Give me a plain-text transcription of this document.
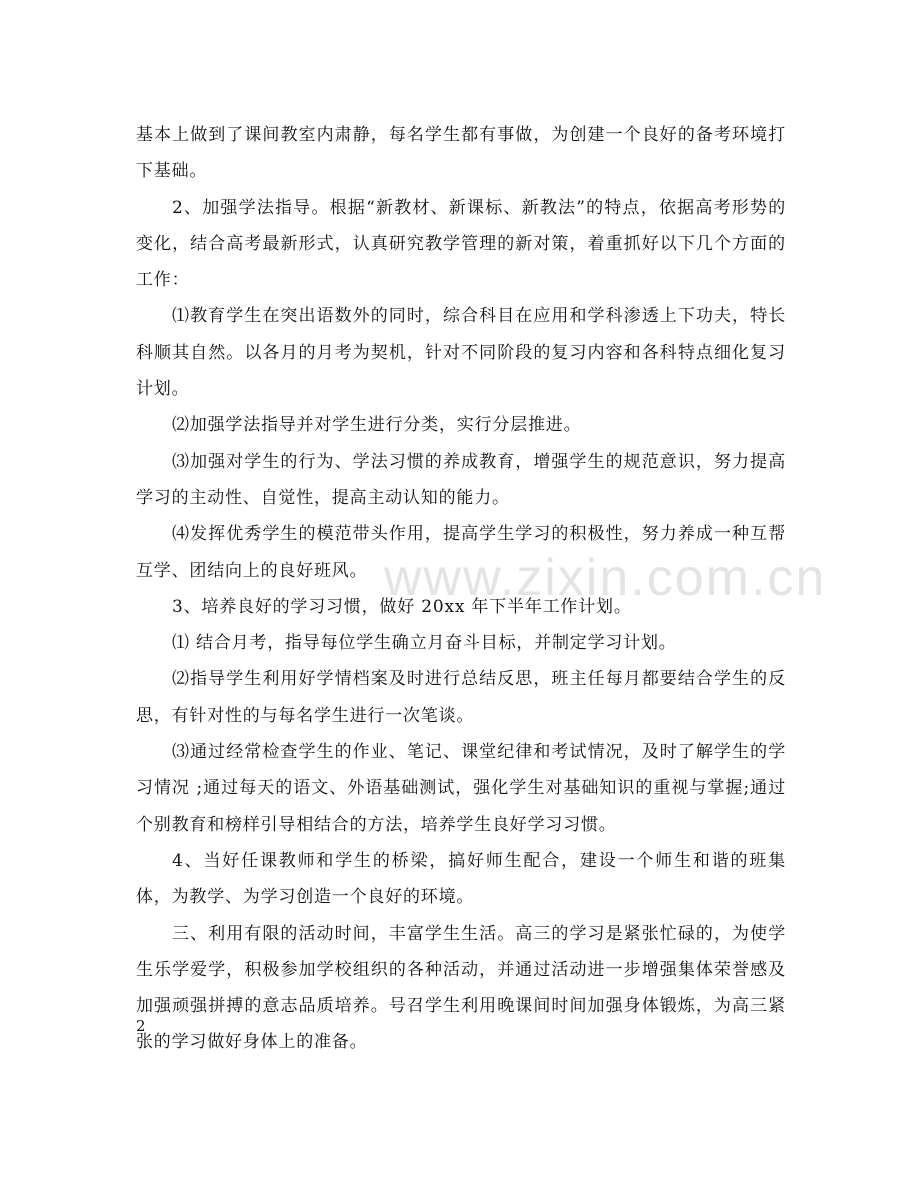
www.zixin.com.cn

基本上做到了课间教室内肃静，每名学生都有事做，为创建一个良好的备考环境打下基础。

2、加强学法指导。根据“新教材、新课标、新教法”的特点，依据高考形势的变化，结合高考最新形式，认真研究教学管理的新对策，着重抓好以下几个方面的工作：

⑴教育学生在突出语数外的同时，综合科目在应用和学科渗透上下功夫，特长科顺其自然。以各月的月考为契机，针对不同阶段的复习内容和各科特点细化复习计划。

⑵加强学法指导并对学生进行分类，实行分层推进。

⑶加强对学生的行为、学法习惯的养成教育，增强学生的规范意识，努力提高学习的主动性、自觉性，提高主动认知的能力。

⑷发挥优秀学生的模范带头作用，提高学生学习的积极性，努力养成一种互帮互学、团结向上的良好班风。

3、培养良好的学习习惯，做好 20xx 年下半年工作计划。

⑴ 结合月考，指导每位学生确立月奋斗目标，并制定学习计划。

⑵指导学生利用好学情档案及时进行总结反思，班主任每月都要结合学生的反思，有针对性的与每名学生进行一次笔谈。

⑶通过经常检查学生的作业、笔记、课堂纪律和考试情况，及时了解学生的学习情况 ;通过每天的语文、外语基础测试，强化学生对基础知识的重视与掌握;通过个别教育和榜样引导相结合的方法，培养学生良好学习习惯。

4、当好任课教师和学生的桥梁，搞好师生配合，建设一个师生和谐的班集体，为教学、为学习创造一个良好的环境。

三、利用有限的活动时间，丰富学生生活。高三的学习是紧张忙碌的，为使学生乐学爱学，积极参加学校组织的各种活动，并通过活动进一步增强集体荣誉感及加强顽强拼搏的意志品质培养。号召学生利用晚课间时间加强身体锻炼，为高三紧张的学习做好身体上的准备。

2
